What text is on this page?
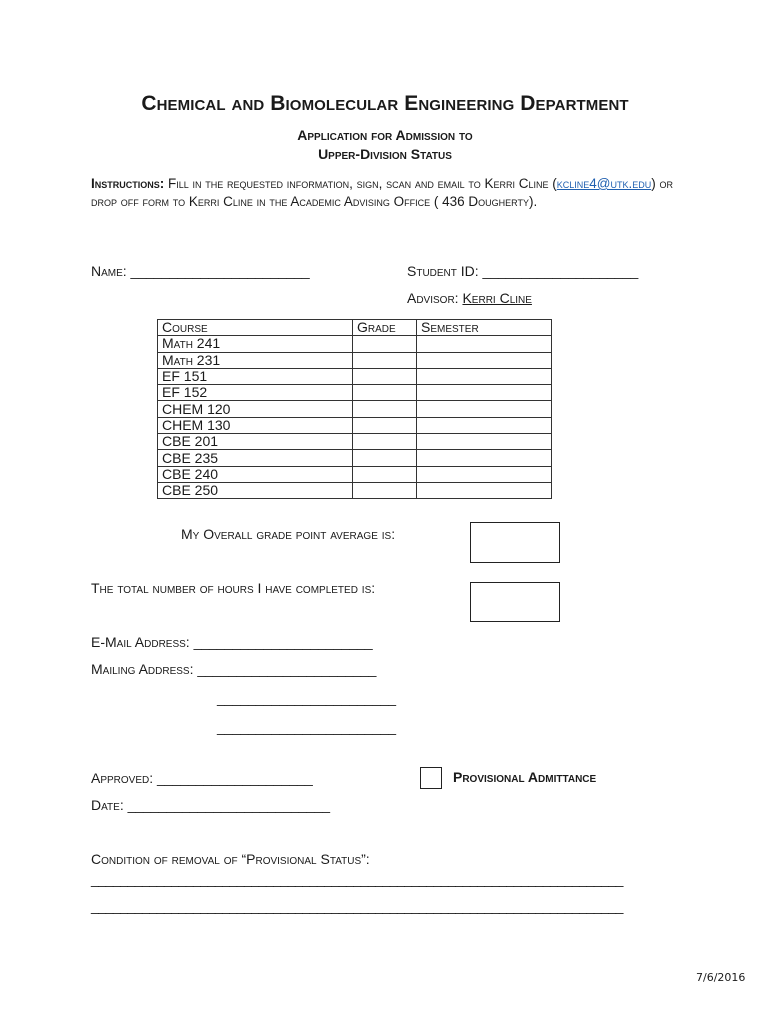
Chemical and Biomolecular Engineering Department
Application for Admission to
Upper-Division Status
Instructions: Fill in the requested information, sign, scan and email to Kerri Cline (kcline4@utk.edu) or drop off form to Kerri Cline in the Academic Advising Office ( 436 Dougherty).
Name: _______________________	Student ID: ____________________
Advisor: Kerri Cline
Course	Grade	Semester
Math 241		
Math 231		
EF 151		
EF 152		
CHEM 120		
CHEM 130		
CBE 201		
CBE 235		
CBE 240		
CBE 250		
My Overall grade point average is:
The total number of hours I have completed is:
E-Mail Address: _______________________
Mailing Address: _______________________
_______________________
_______________________
Approved: ____________________	Provisional Admittance
Date: __________________________
Condition of removal of “Provisional Status”:
_________________________________________________________________________
_________________________________________________________________________
7/6/2016
